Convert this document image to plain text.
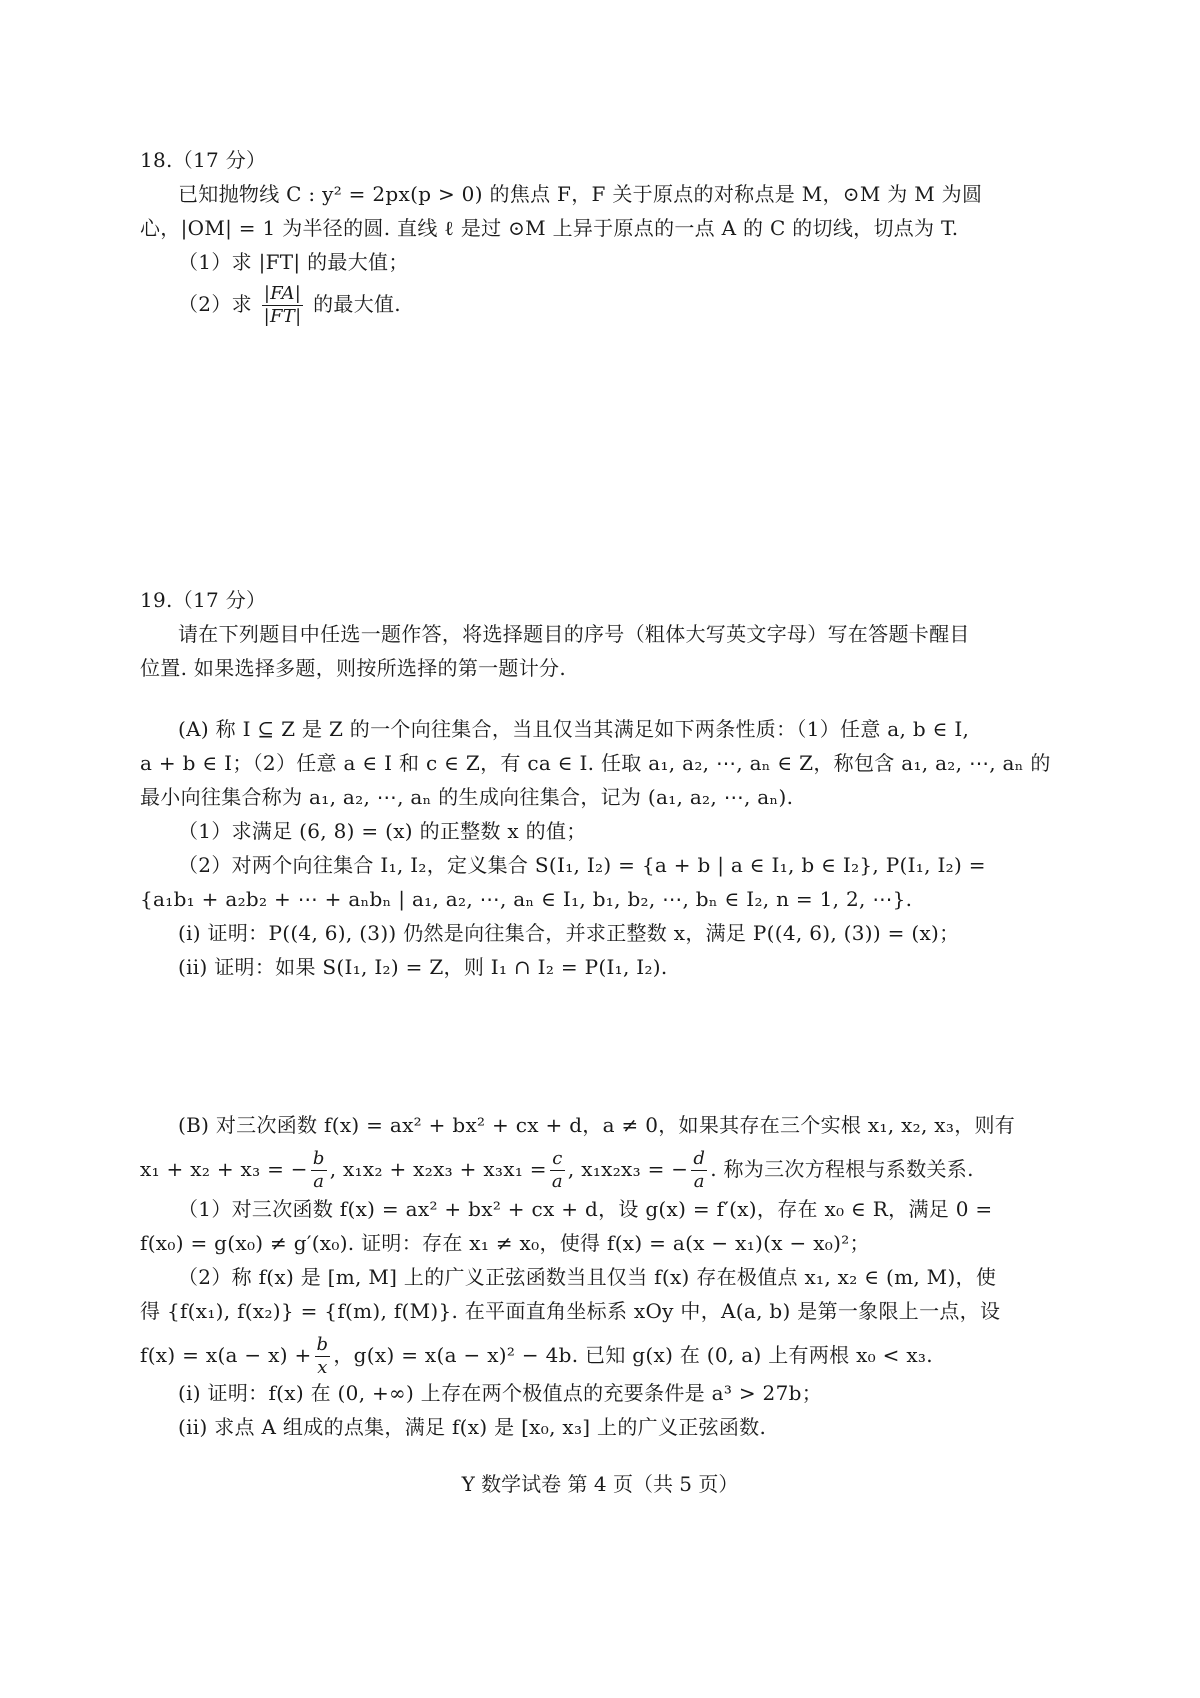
18.（17 分）
已知抛物线 C : y² = 2px(p > 0) 的焦点 F，F 关于原点的对称点是 M，⊙M 为 M 为圆
心，|OM| = 1 为半径的圆. 直线 ℓ 是过 ⊙M 上异于原点的一点 A 的 C 的切线，切点为 T.
（1）求 |FT| 的最大值；
（2）求 $\frac{|FA|}{|FT|}$ 的最大值.
19.（17 分）
请在下列题目中任选一题作答，将选择题目的序号（粗体大写英文字母）写在答题卡醒目
位置. 如果选择多题，则按所选择的第一题计分.
(A) 称 I ⊆ Z 是 Z 的一个向往集合，当且仅当其满足如下两条性质：（1）任意 a, b ∈ I,
a + b ∈ I；（2）任意 a ∈ I 和 c ∈ Z，有 ca ∈ I. 任取 a₁, a₂, ⋯, aₙ ∈ Z，称包含 a₁, a₂, ⋯, aₙ 的
最小向往集合称为 a₁, a₂, ⋯, aₙ 的生成向往集合，记为 (a₁, a₂, ⋯, aₙ).
（1）求满足 (6, 8) = (x) 的正整数 x 的值；
（2）对两个向往集合 I₁, I₂，定义集合 S(I₁, I₂) = {a + b | a ∈ I₁, b ∈ I₂}, P(I₁, I₂) =
{a₁b₁ + a₂b₂ + ⋯ + aₙbₙ | a₁, a₂, ⋯, aₙ ∈ I₁, b₁, b₂, ⋯, bₙ ∈ I₂, n = 1, 2, ⋯}.
(i) 证明：P((4, 6), (3)) 仍然是向往集合，并求正整数 x，满足 P((4, 6), (3)) = (x)；
(ii) 证明：如果 S(I₁, I₂) = Z，则 I₁ ∩ I₂ = P(I₁, I₂).
(B) 对三次函数 f(x) = ax² + bx² + cx + d，a ≠ 0，如果其存在三个实根 x₁, x₂, x₃，则有
x₁ + x₂ + x₃ = − $\frac{b}{a}$ , $x_1x_2 + x_2x_3 + x_3x_1 = \frac{c}{a}$ , x₁x₂x₃ = − $\frac{d}{a}$ . 称为三次方程根与系数关系.
（1）对三次函数 f(x) = ax² + bx² + cx + d，设 g(x) = f′(x)，存在 x₀ ∈ R，满足 0 =
f(x₀) = g(x₀) ≠ g′(x₀). 证明：存在 x₁ ≠ x₀，使得 f(x) = a(x − x₁)(x − x₀)²；
（2）称 f(x) 是 [m, M] 上的广义正弦函数当且仅当 f(x) 存在极值点 x₁, x₂ ∈ (m, M)，使
得 {f(x₁), f(x₂)} = {f(m), f(M)}. 在平面直角坐标系 xOy 中，A(a, b) 是第一象限上一点，设
$f(x) = x(a - x) + \frac{b}{x}$ ，g(x) = x(a − x)² − 4b. 已知 g(x) 在 (0, a) 上有两根 x₀ < x₃.
(i) 证明：f(x) 在 (0, +∞) 上存在两个极值点的充要条件是 a³ > 27b；
(ii) 求点 A 组成的点集，满足 f(x) 是 [x₀, x₃] 上的广义正弦函数.
Y 数学试卷 第 4 页（共 5 页）
